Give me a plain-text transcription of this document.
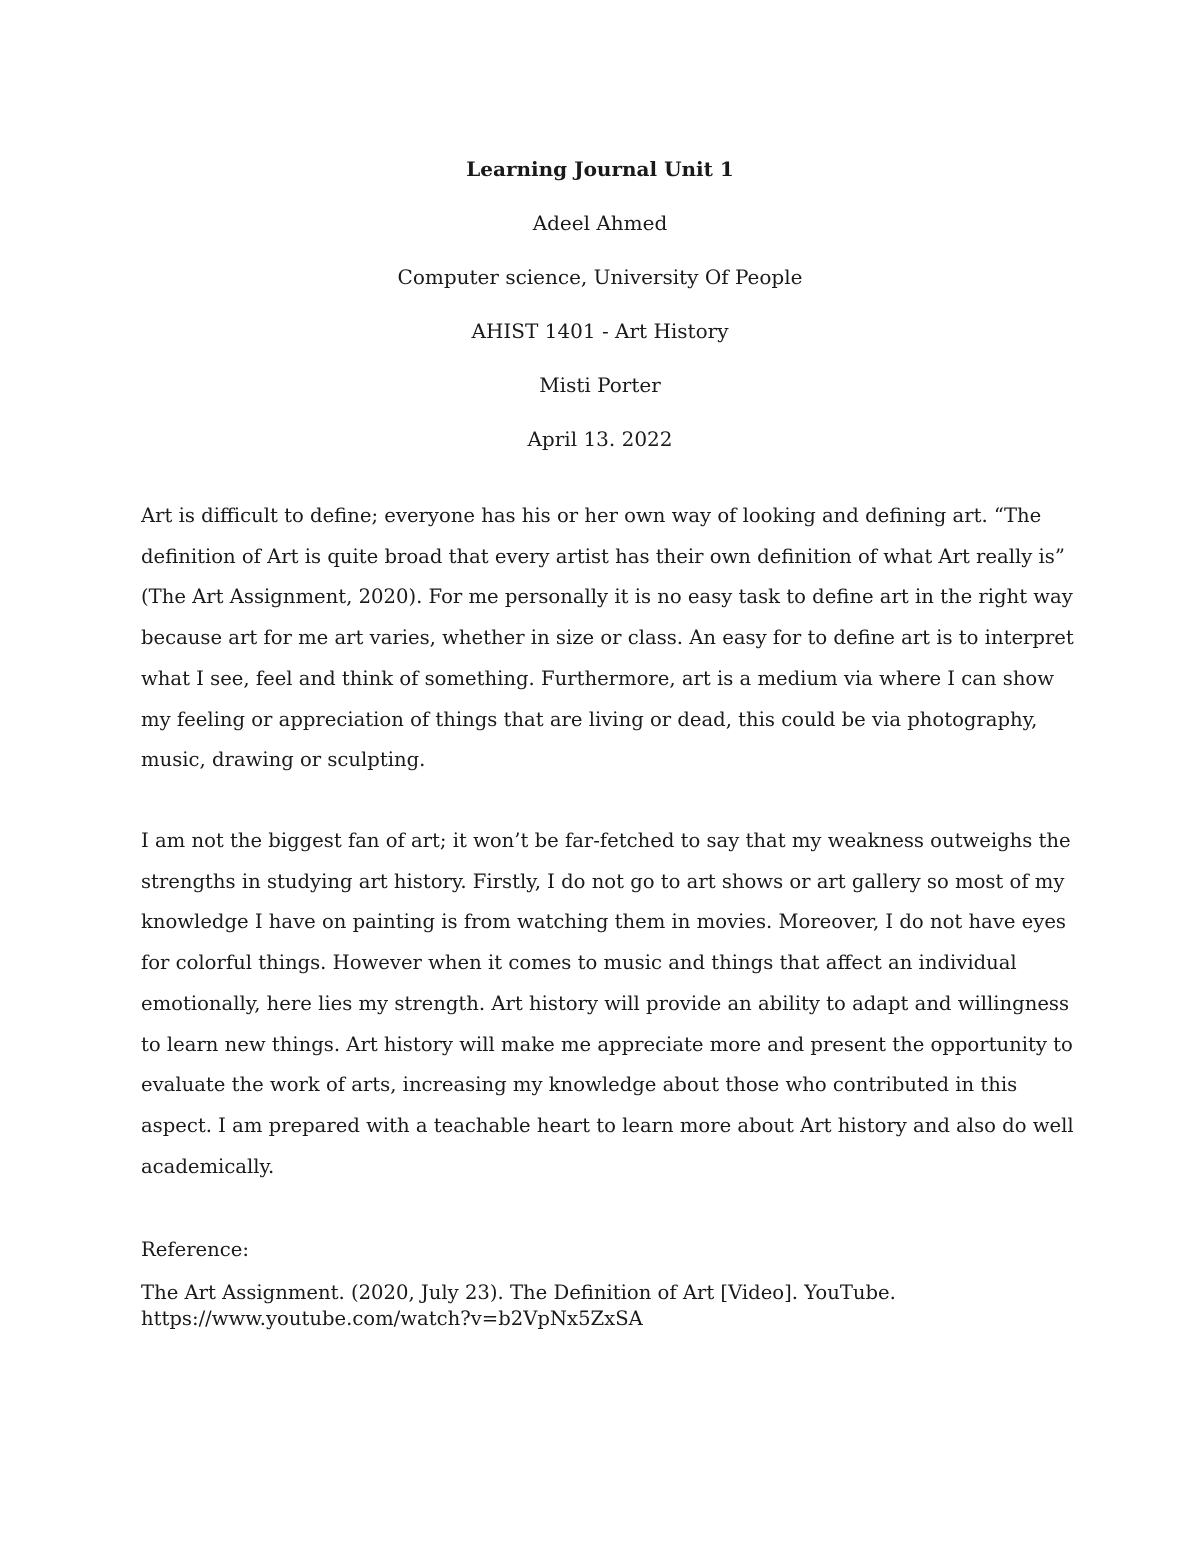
Learning Journal Unit 1
Adeel Ahmed
Computer science, University Of People
AHIST 1401 - Art History
Misti Porter
April 13. 2022

Art is difficult to define; everyone has his or her own way of looking and defining art. “The definition of Art is quite broad that every artist has their own definition of what Art really is” (The Art Assignment, 2020). For me personally it is no easy task to define art in the right way because art for me art varies, whether in size or class. An easy for to define art is to interpret what I see, feel and think of something. Furthermore, art is a medium via where I can show my feeling or appreciation of things that are living or dead, this could be via photography, music, drawing or sculpting.

I am not the biggest fan of art; it won’t be far-fetched to say that my weakness outweighs the strengths in studying art history. Firstly, I do not go to art shows or art gallery so most of my knowledge I have on painting is from watching them in movies. Moreover, I do not have eyes for colorful things. However when it comes to music and things that affect an individual emotionally, here lies my strength. Art history will provide an ability to adapt and willingness to learn new things. Art history will make me appreciate more and present the opportunity to evaluate the work of arts, increasing my knowledge about those who contributed in this aspect. I am prepared with a teachable heart to learn more about Art history and also do well academically.

Reference:
The Art Assignment. (2020, July 23). The Definition of Art [Video]. YouTube.
https://www.youtube.com/watch?v=b2VpNx5ZxSA
